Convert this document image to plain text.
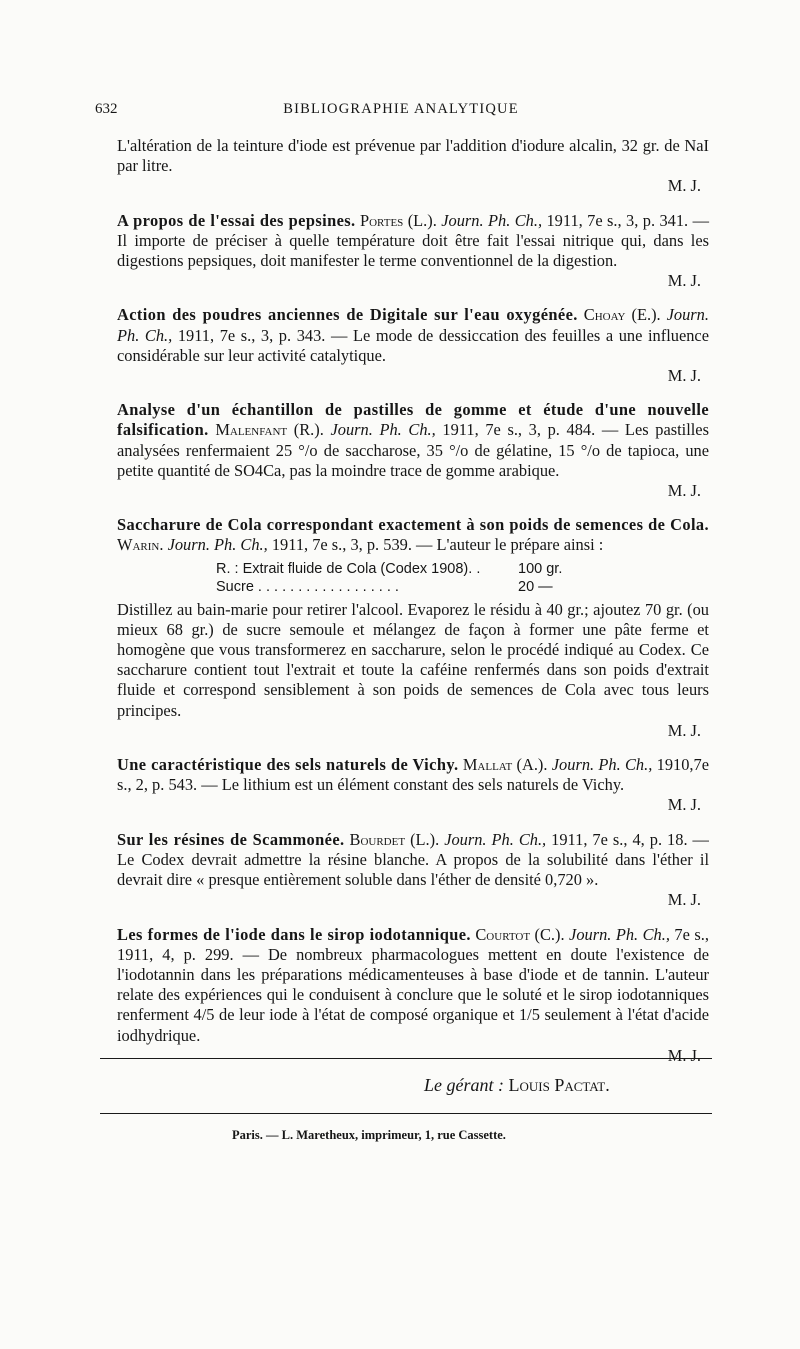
632	BIBLIOGRAPHIE ANALYTIQUE

L'altération de la teinture d'iode est prévenue par l'addition d'iodure alcalin, 32 gr. de NaI par litre.
M. J.

A propos de l'essai des pepsines. Portes (L.). Journ. Ph. Ch., 1911, 7e s., 3, p. 341. — Il importe de préciser à quelle température doit être fait l'essai nitrique qui, dans les digestions pepsiques, doit manifester le terme conventionnel de la digestion.
M. J.

Action des poudres anciennes de Digitale sur l'eau oxygénée. Choay (E.). Journ. Ph. Ch., 1911, 7e s., 3, p. 343. — Le mode de dessiccation des feuilles a une influence considérable sur leur activité catalytique.
M. J.

Analyse d'un échantillon de pastilles de gomme et étude d'une nouvelle falsification. Malenfant (R.). Journ. Ph. Ch., 1911, 7e s., 3, p. 484. — Les pastilles analysées renfermaient 25 °/o de saccharose, 35 °/o de gélatine, 15 °/o de tapioca, une petite quantité de SO4Ca, pas la moindre trace de gomme arabique.
M. J.

Saccharure de Cola correspondant exactement à son poids de semences de Cola. Warin. Journ. Ph. Ch., 1911, 7e s., 3, p. 539. — L'auteur le prépare ainsi :

R. : Extrait fluide de Cola (Codex 1908). .	100 gr.
Sucre . . . . . . . . . . . . . . . . . .	20 —

Distillez au bain-marie pour retirer l'alcool. Evaporez le résidu à 40 gr.; ajoutez 70 gr. (ou mieux 68 gr.) de sucre semoule et mélangez de façon à former une pâte ferme et homogène que vous transformerez en saccharure, selon le procédé indiqué au Codex. Ce saccharure contient tout l'extrait et toute la caféine renfermés dans son poids d'extrait fluide et correspond sensiblement à son poids de semences de Cola avec tous leurs principes.
M. J.

Une caractéristique des sels naturels de Vichy. Mallat (A.). Journ. Ph. Ch., 1910,7e s., 2, p. 543. — Le lithium est un élément constant des sels naturels de Vichy.
M. J.

Sur les résines de Scammonée. Bourdet (L.). Journ. Ph. Ch., 1911, 7e s., 4, p. 18. — Le Codex devrait admettre la résine blanche. A propos de la solubilité dans l'éther il devrait dire « presque entièrement soluble dans l'éther de densité 0,720 ».
M. J.

Les formes de l'iode dans le sirop iodotannique. Courtot (C.). Journ. Ph. Ch., 7e s., 1911, 4, p. 299. — De nombreux pharmacologues mettent en doute l'existence de l'iodotannin dans les préparations médicamenteuses à base d'iode et de tannin. L'auteur relate des expériences qui le conduisent à conclure que le soluté et le sirop iodotanniques renferment 4/5 de leur iode à l'état de composé organique et 1/5 seulement à l'état d'acide iodhydrique.
M. J.

Le gérant : Louis Pactat.
Paris. — L. Maretheux, imprimeur, 1, rue Cassette.
